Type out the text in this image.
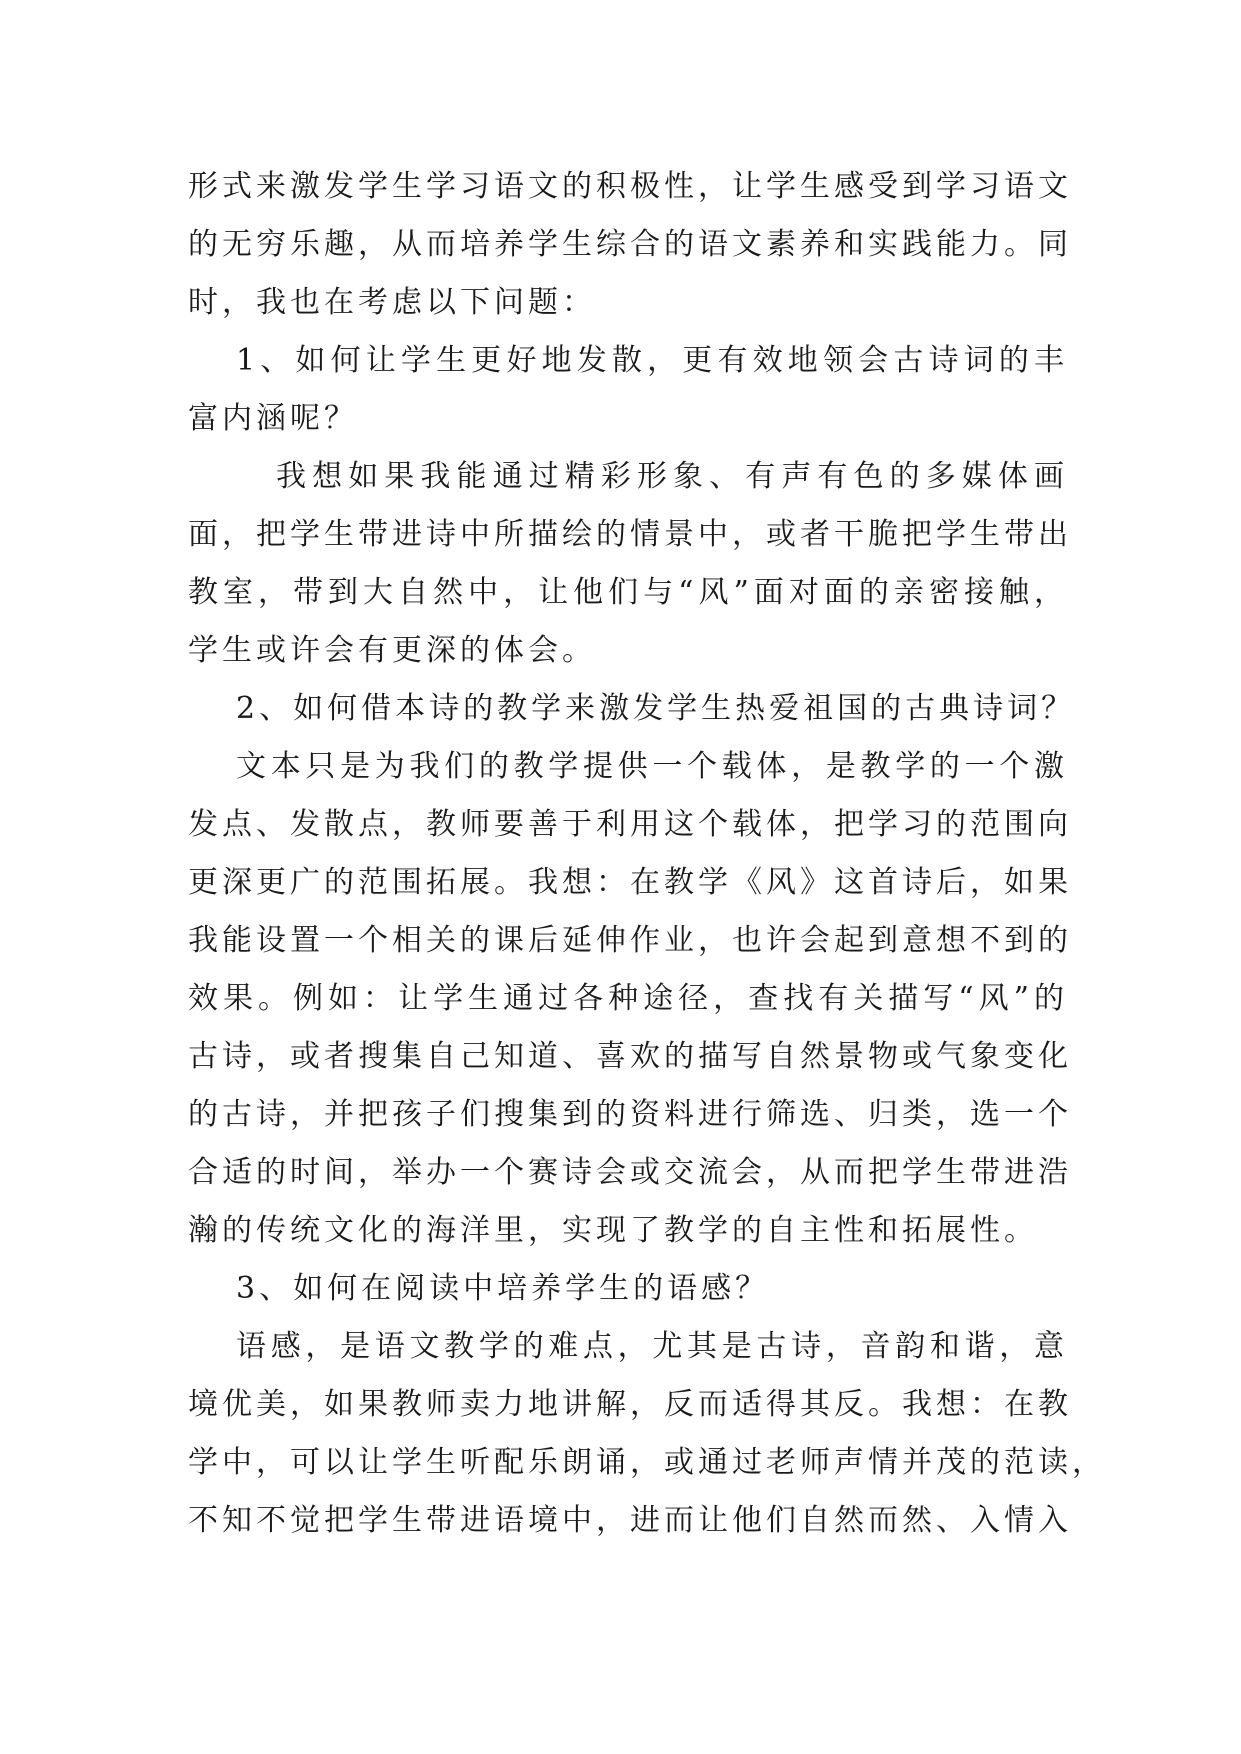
形式来激发学生学习语文的积极性，让学生感受到学习语文
的无穷乐趣，从而培养学生综合的语文素养和实践能力。同
时，我也在考虑以下问题：
1、如何让学生更好地发散，更有效地领会古诗词的丰
富内涵呢？
我想如果我能通过精彩形象、有声有色的多媒体画
面，把学生带进诗中所描绘的情景中，或者干脆把学生带出
教室，带到大自然中，让他们与“风”面对面的亲密接触，
学生或许会有更深的体会。
2、如何借本诗的教学来激发学生热爱祖国的古典诗词？
文本只是为我们的教学提供一个载体，是教学的一个激
发点、发散点，教师要善于利用这个载体，把学习的范围向
更深更广的范围拓展。我想：在教学《风》这首诗后，如果
我能设置一个相关的课后延伸作业，也许会起到意想不到的
效果。例如：让学生通过各种途径，查找有关描写“风”的
古诗，或者搜集自己知道、喜欢的描写自然景物或气象变化
的古诗，并把孩子们搜集到的资料进行筛选、归类，选一个
合适的时间，举办一个赛诗会或交流会，从而把学生带进浩
瀚的传统文化的海洋里，实现了教学的自主性和拓展性。
3、如何在阅读中培养学生的语感？
语感，是语文教学的难点，尤其是古诗，音韵和谐，意
境优美，如果教师卖力地讲解，反而适得其反。我想：在教
学中，可以让学生听配乐朗诵，或通过老师声情并茂的范读，
不知不觉把学生带进语境中，进而让他们自然而然、入情入
